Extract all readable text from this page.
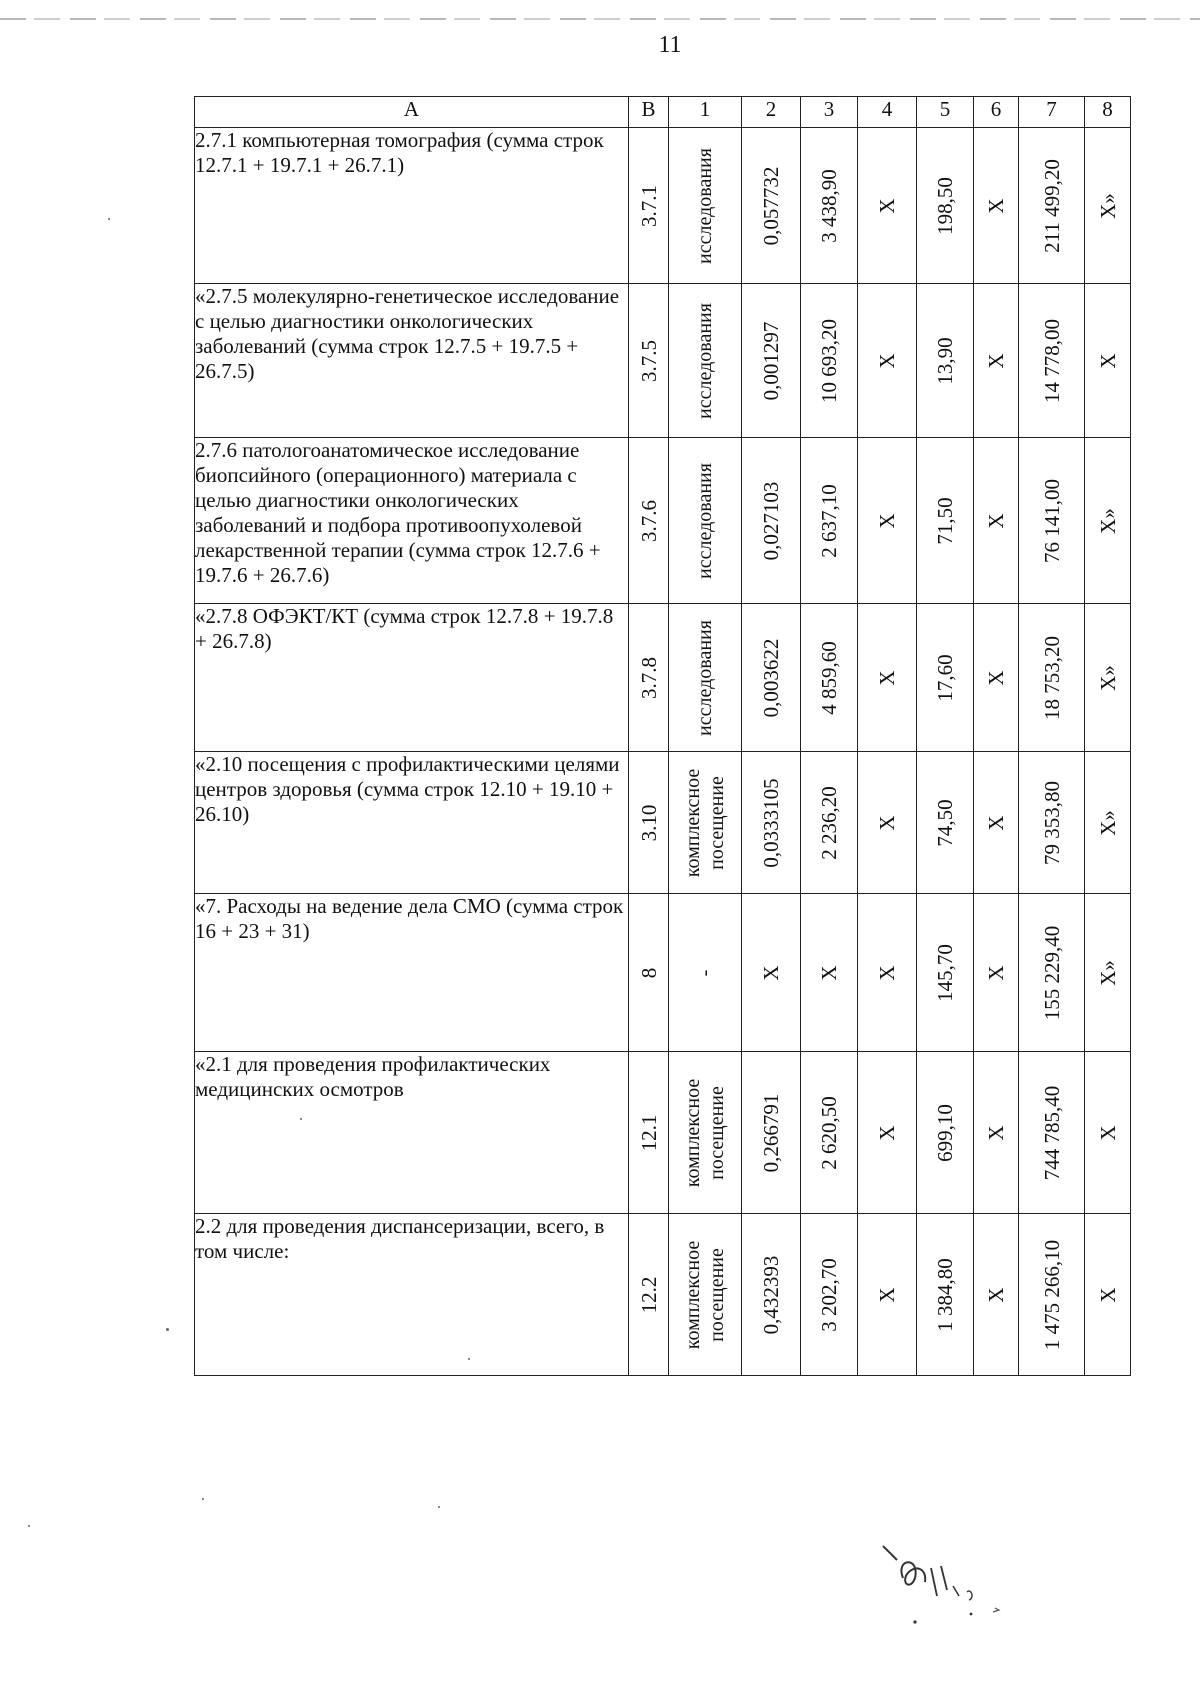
11
А	В	1	2	3	4	5	6	7	8
2.7.1 компьютерная томография (сумма строк 12.7.1 + 19.7.1 + 26.7.1)	3.7.1	исследования	0,057732	3 438,90	Х	198,50	Х	211 499,20	Х»

«2.7.5 молекулярно-генетическое исследование с целью диагностики онкологических заболеваний (сумма строк 12.7.5 + 19.7.5 + 26.7.5)	3.7.5	исследования	0,001297	10 693,20	Х	13,90	Х	14 778,00	Х

2.7.6 патологоанатомическое исследование биопсийного (операционного) материала с целью диагностики онкологических заболеваний и подбора противоопухолевой лекарственной терапии (сумма строк 12.7.6 + 19.7.6 + 26.7.6)	3.7.6	исследования	0,027103	2 637,10	Х	71,50	Х	76 141,00	Х»

«2.7.8 ОФЭКТ/КТ (сумма строк 12.7.8 + 19.7.8 + 26.7.8)	3.7.8	исследования	0,003622	4 859,60	Х	17,60	Х	18 753,20	Х»

«2.10 посещения с профилактическими целями центров здоровья (сумма строк 12.10 + 19.10 + 26.10)	3.10	комплексное посещение	0,0333105	2 236,20	Х	74,50	Х	79 353,80	Х»

«7. Расходы на ведение дела СМО (сумма строк 16 + 23 + 31)	8	-	Х	Х	Х	145,70	Х	155 229,40	Х»

«2.1 для проведения профилактических медицинских осмотров	12.1	комплексное посещение	0,266791	2 620,50	Х	699,10	Х	744 785,40	Х

2.2 для проведения диспансеризации, всего, в том числе:	12.2	комплексное посещение	0,432393	3 202,70	Х	1 384,80	Х	1 475 266,10	Х
